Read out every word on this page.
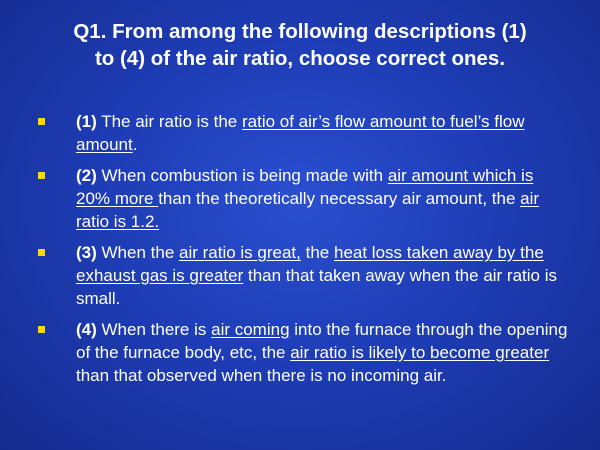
Q1. From among the following descriptions (1)
to (4) of the air ratio, choose correct ones.
(1) The air ratio is the ratio of air’s flow amount to fuel’s flow amount.
(2) When combustion is being made with air amount which is 20% more than the theoretically necessary air amount, the air ratio is 1.2.
(3) When the air ratio is great, the heat loss taken away by the exhaust gas is greater than that taken away when the air ratio is small.
(4) When there is air coming into the furnace through the opening of the furnace body, etc, the air ratio is likely to become greater than that observed when there is no incoming air.
